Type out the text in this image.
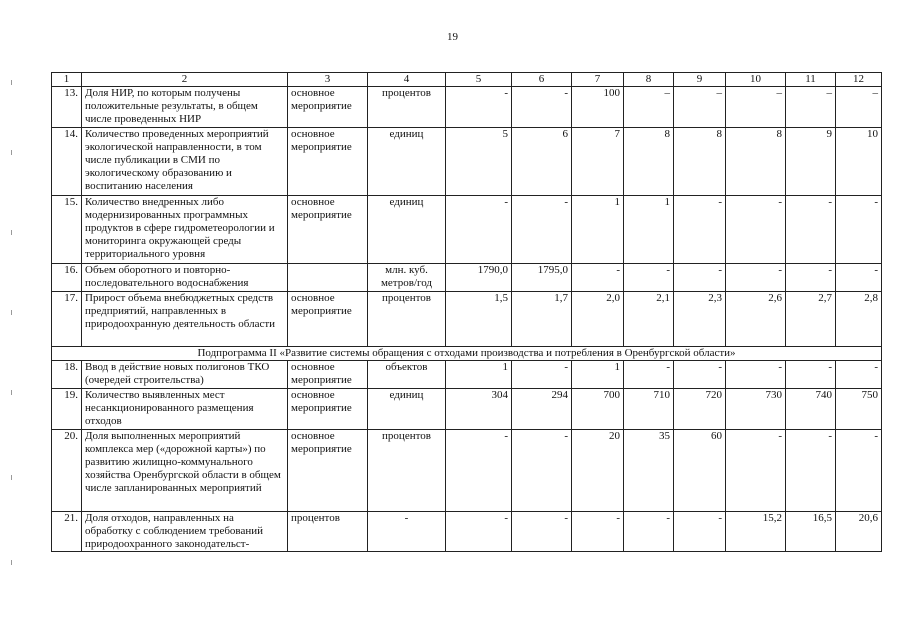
19
1	2	3	4	5	6	7	8	9	10	11	12
13.	Доля НИР, по которым получены положительные результаты, в общем числе проведенных НИР	основное мероприятие	процентов	-	-	100	–	–	–	–	–
14.	Количество проведенных мероприятий экологической направленности, в том числе публикации в СМИ по экологическому образованию и воспитанию населения	основное мероприятие	единиц	5	6	7	8	8	8	9	10
15.	Количество внедренных либо модернизированных программных продуктов в сфере гидрометеорологии и мониторинга окружающей среды территориального уровня	основное мероприятие	единиц	-	-	1	1	-	-	-	-
16.	Объем оборотного и повторно-последовательного водоснабжения		млн. куб. метров/год	1790,0	1795,0	-	-	-	-	-	-
17.	Прирост объема внебюджетных средств предприятий, направленных в природоохранную деятельность области	основное мероприятие	процентов	1,5	1,7	2,0	2,1	2,3	2,6	2,7	2,8
Подпрограмма II «Развитие системы обращения с отходами производства и потребления в Оренбургской области»											
18.	Ввод в действие новых полигонов ТКО (очередей строительства)	основное мероприятие	объектов	1	-	1	-	-	-	-	-
19.	Количество выявленных мест несанкционированного размещения отходов	основное мероприятие	единиц	304	294	700	710	720	730	740	750
20.	Доля выполненных мероприятий комплекса мер («дорожной карты») по развитию жилищно-коммунального хозяйства Оренбургской области в общем числе запланированных мероприятий	основное мероприятие	процентов	-	-	20	35	60	-	-	-
21.	Доля отходов, направленных на обработку с соблюдением требований природоохранного законодательст-	процентов	-	-	-	-	-	-	15,2	16,5	20,6
